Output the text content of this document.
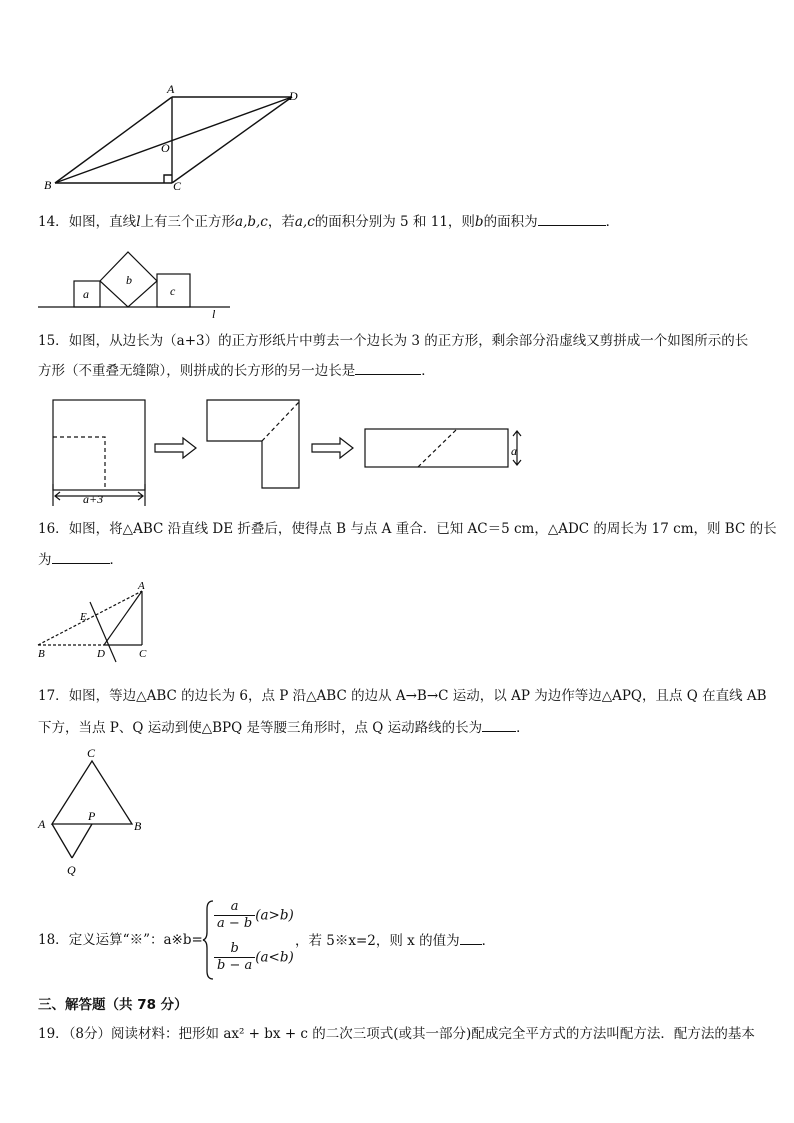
A	D
O
B	C
14．如图，直线l上有三个正方形a,b,c，若a,c的面积分别为 5 和 11，则b的面积为	．
a
b
c
l
15．如图，从边长为（a+3）的正方形纸片中剪去一个边长为 3 的正方形，剩余部分沿虚线又剪拼成一个如图所示的长
方形（不重叠无缝隙），则拼成的长方形的另一边长是	．
a+3
a
16．如图，将△ABC 沿直线 DE 折叠后，使得点 B 与点 A 重合．已知 AC＝5 cm，△ADC 的周长为 17 cm，则 BC 的长
为	．
A
E
B	D	C
17．如图，等边△ABC 的边长为 6，点 P 沿△ABC 的边从 A→B→C 运动，以 AP 为边作等边△APQ，且点 Q 在直线 AB
下方，当点 P、Q 运动到使△BPQ 是等腰三角形时，点 Q 运动路线的长为	．
C
A
P
B
Q
18．定义运算“※”：a※b=
$\frac{a}{a - b} (a>b)$
$\frac{b}{b - a} (a<b)$
，若 5※x=2，则 x 的值为 ．
三、解答题（共 78 分）
19．（8分）阅读材料：把形如 ax² + bx + c 的二次三项式(或其一部分)配成完全平方式的方法叫配方法．配方法的基本
